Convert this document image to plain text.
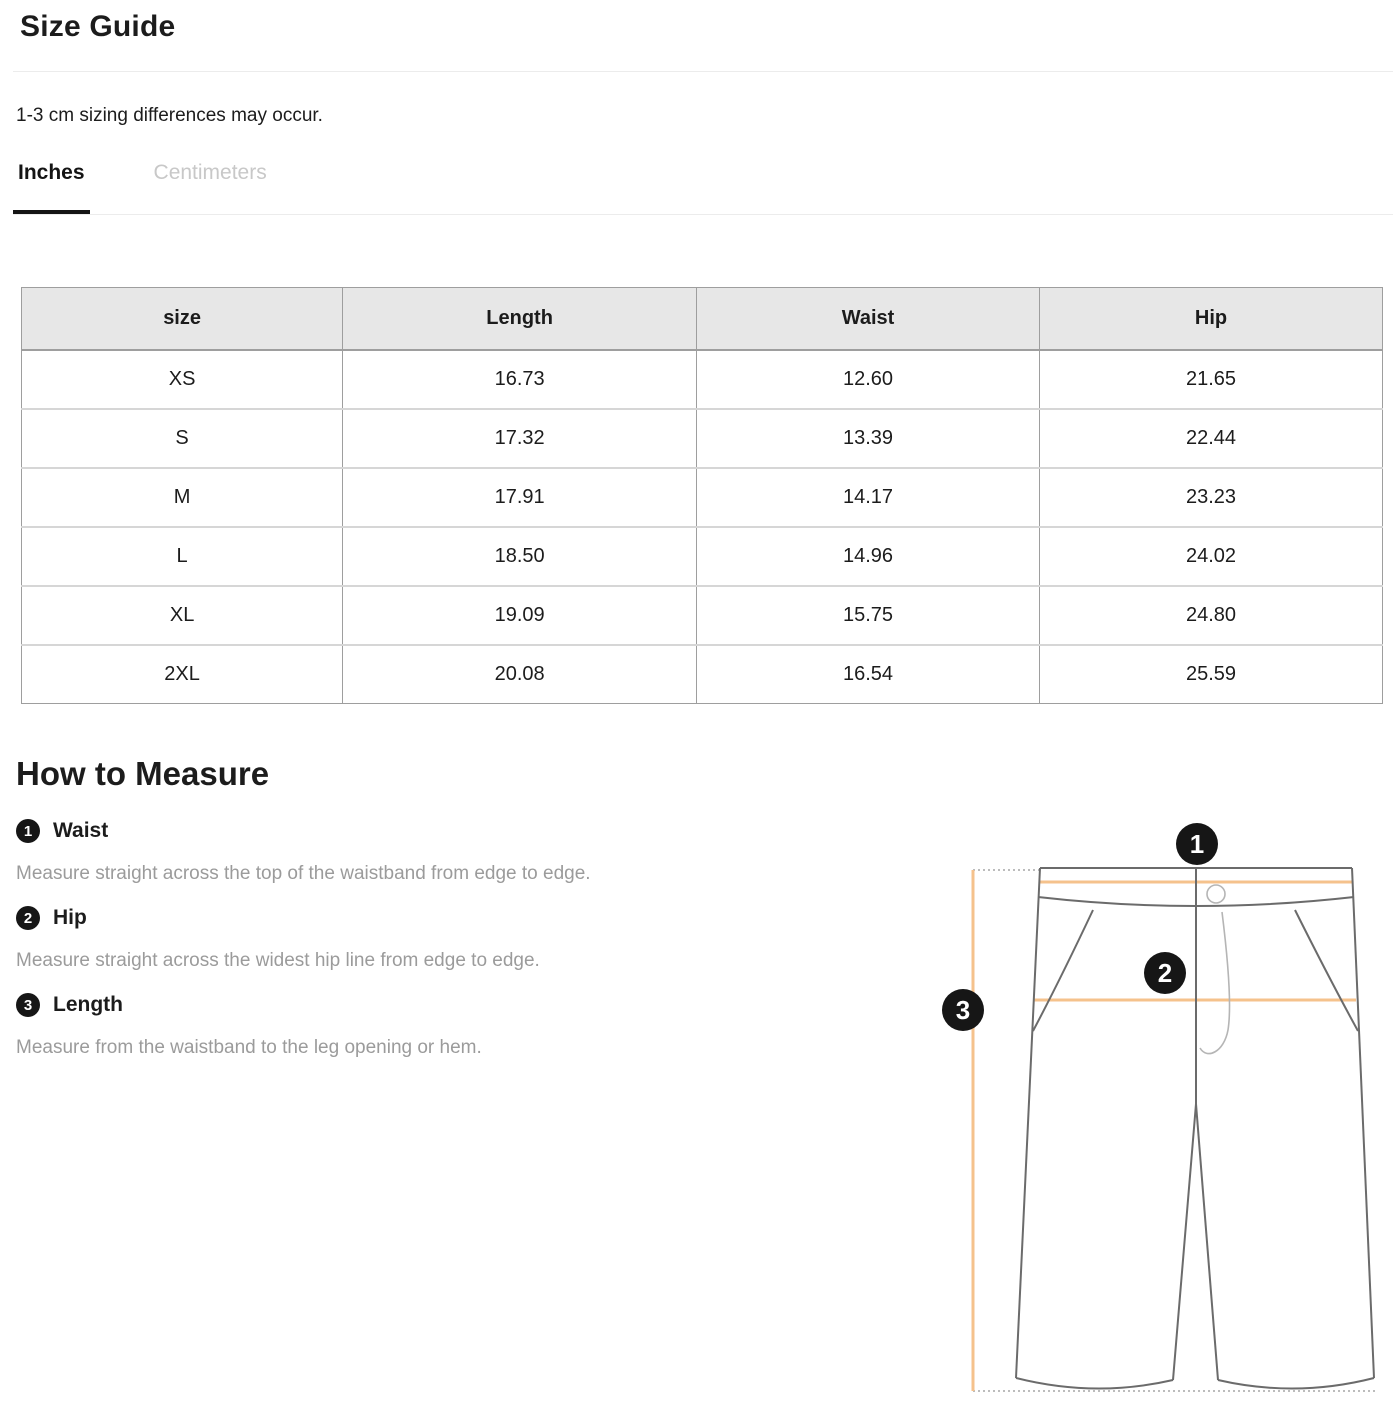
Size Guide

1-3 cm sizing differences may occur.

Inches	Centimeters
size	Length	Waist	Hip
XS	16.73	12.60	21.65
S	17.32	13.39	22.44
M	17.91	14.17	23.23
L	18.50	14.96	24.02
XL	19.09	15.75	24.80
2XL	20.08	16.54	25.59
How to Measure
1 Waist

Measure straight across the top of the waistband from edge to edge.

2 Hip

Measure straight across the widest hip line from edge to edge.

3 Length

Measure from the waistband to the leg opening or hem.

1
2
3
